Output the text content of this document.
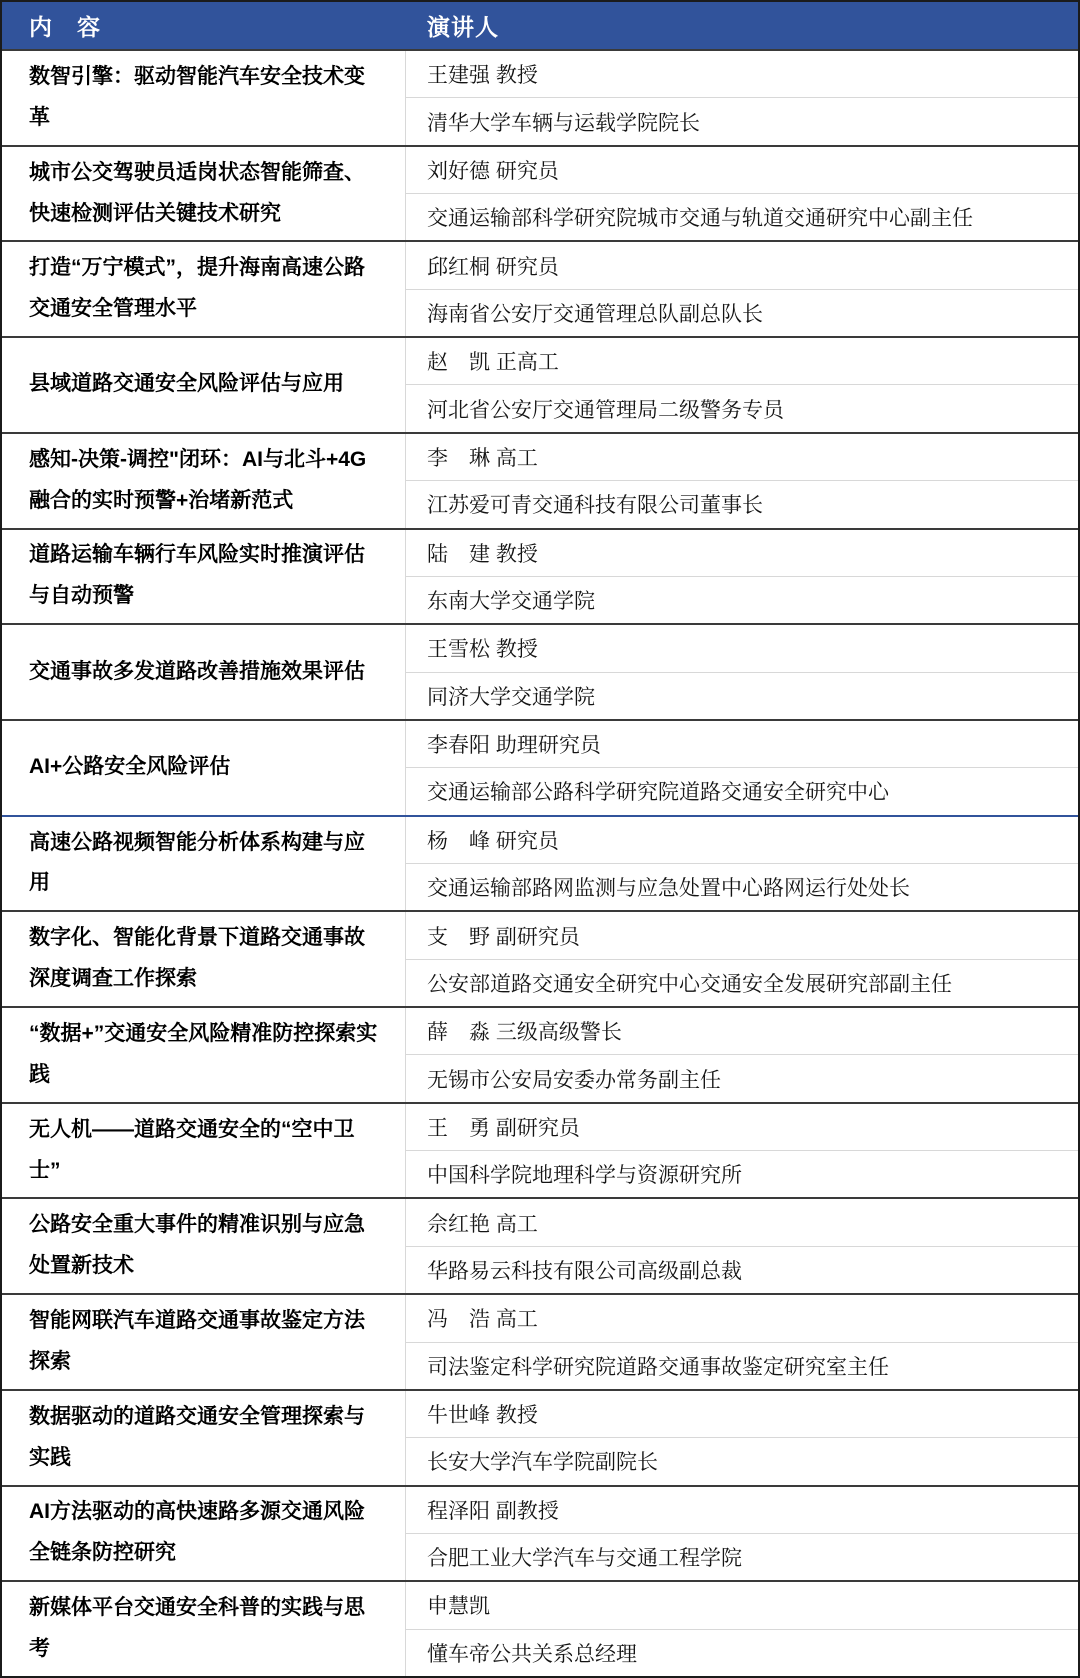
内　容	演讲人
数智引擎：驱动智能汽车安全技术变革
王建强 教授
清华大学车辆与运载学院院长
城市公交驾驶员适岗状态智能筛查、快速检测评估关键技术研究
刘好德 研究员
交通运输部科学研究院城市交通与轨道交通研究中心副主任
打造“万宁模式”，提升海南高速公路交通安全管理水平
邱红桐 研究员
海南省公安厅交通管理总队副总队长
县域道路交通安全风险评估与应用
赵　凯 正高工
河北省公安厅交通管理局二级警务专员
感知-决策-调控"闭环：AI与北斗+4G融合的实时预警+治堵新范式
李　琳 高工
江苏爱可青交通科技有限公司董事长
道路运输车辆行车风险实时推演评估与自动预警
陆　建 教授
东南大学交通学院
交通事故多发道路改善措施效果评估
王雪松 教授
同济大学交通学院
AI+公路安全风险评估
李春阳 助理研究员
交通运输部公路科学研究院道路交通安全研究中心
高速公路视频智能分析体系构建与应用
杨　峰 研究员
交通运输部路网监测与应急处置中心路网运行处处长
数字化、智能化背景下道路交通事故深度调查工作探索
支　野 副研究员
公安部道路交通安全研究中心交通安全发展研究部副主任
“数据+”交通安全风险精准防控探索实践
薛　淼 三级高级警长
无锡市公安局安委办常务副主任
无人机——道路交通安全的“空中卫士”
王　勇 副研究员
中国科学院地理科学与资源研究所
公路安全重大事件的精准识别与应急处置新技术
佘红艳 高工
华路易云科技有限公司高级副总裁
智能网联汽车道路交通事故鉴定方法探索
冯　浩 高工
司法鉴定科学研究院道路交通事故鉴定研究室主任
数据驱动的道路交通安全管理探索与实践
牛世峰 教授
长安大学汽车学院副院长
AI方法驱动的高快速路多源交通风险全链条防控研究
程泽阳 副教授
合肥工业大学汽车与交通工程学院
新媒体平台交通安全科普的实践与思考
申慧凯
懂车帝公共关系总经理
